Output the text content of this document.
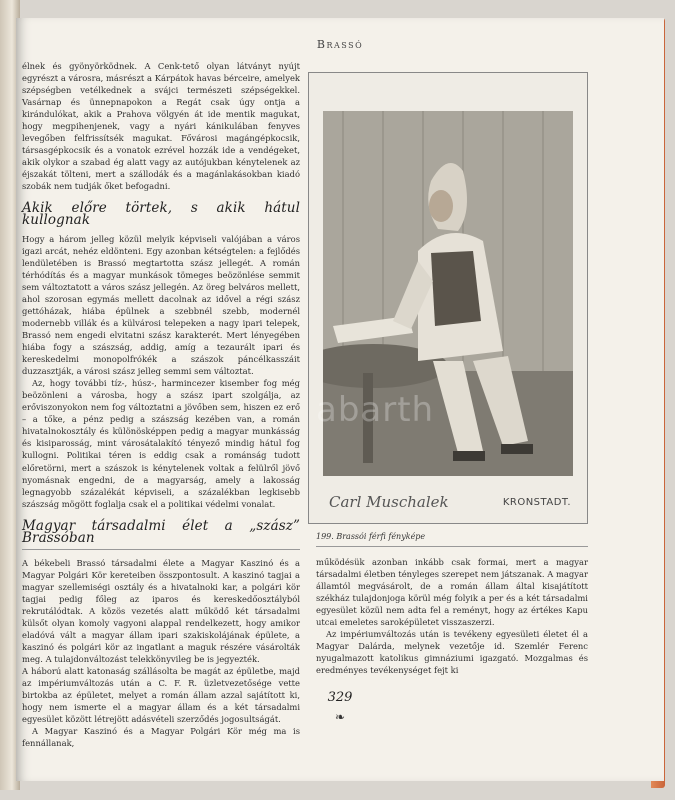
Brassó

élnek és gyönyörködnek. A Cenk-tető olyan látványt nyújt egyrészt a városra, másrészt a Kárpátok havas bérceire, amelyek szépségben vetélkednek a svájci természeti szépségekkel. Vasárnap és ünnepnapokon a Regát csak úgy ontja a kirándulókat, akik a Prahova völgyén át ide mentik magukat, hogy megpihenjenek, vagy a nyári kánikulában fenyves levegőben felfrissítsék magukat. Fővárosi magángépkocsik, társasgépkocsik és a vonatok ezrével hozzák ide a vendégeket, akik olykor a szabad ég alatt vagy az autójukban kénytelenek az éjszakát tölteni, mert a szállodák és a magánlakásokban kiadó szobák nem tudják őket befogadni.

Akik előre törtek, s akik hátul kullognak

Hogy a három jelleg közül melyik képviseli valójában a város igazi arcát, nehéz eldönteni. Egy azonban kétségtelen: a fejlődés lendületében is Brassó megtartotta szász jellegét. A román térhódítás és a magyar munkások tömeges beözönlése semmit sem változtatott a város szász jellegén. Az öreg belváros mellett, ahol szorosan egymás mellett dacolnak az idővel a régi szász gettóházak, hiába épülnek a szebbnél szebb, modernél modernebb villák és a külvárosi telepeken a nagy ipari telepek, Brassó nem engedi elvitatni szász karakterét. Mert lényegében hiába fogy a szászság, addig, amíg a tezaurált ipari és kereskedelmi monopolfrókék a szászok páncélkasszáit duzzasztják, a városi szász jelleg semmi sem változtat.

Az, hogy további tíz-, húsz-, harmincezer kisember fog még beözönleni a városba, hogy a szász ipart szolgálja, az erőviszonyokon nem fog változtatni a jövőben sem, hiszen ez erő – a tőke, a pénz pedig a szászság kezében van, a román hivatalnokosztály és különösképpen pedig a magyar munkásság és kisiparosság, mint városátalakító tényező mindig hátul fog kullogni. Politikai téren is eddig csak a románság tudott előretörni, mert a szászok is kénytelenek voltak a felülről jövő nyomásnak engedni, de a magyarság, amely a lakosság legnagyobb százalékát képviseli, a százalékban legkisebb szászság mögött foglalja csak el a politikai védelmi vonalat.

Magyar társadalmi élet a „szász” Brassóban

A békebeli Brassó társadalmi élete a Magyar Kaszinó és a Magyar Polgári Kör kereteiben összpontosult. A kaszinó tagjai a magyar szellemiségi osztály és a hivatalnoki kar, a polgári kör tagjai pedig főleg az iparos és kereskedőosztályból rekrutálódtak. A közös vezetés alatt működő két társadalmi külsőt olyan komoly vagyoni alappal rendelkezett, hogy amikor eladóvá vált a magyar állam ipari szakiskolájának épülete, a kaszinó és polgári kör az ingatlant a maguk részére vásárolták meg. A tulajdonváltozást telekkönyvileg be is jegyezték.

A háború alatt katonaság szállásolta be magát az épületbe, majd az impériumváltozás után a C. F. R. üzletvezetősége vette birtokba az épületet, melyet a román állam azzal sajátított ki, hogy nem ismerte el a magyar állam és a két társadalmi egyesület között létrejött adásvételi szerződés jogosultságát.

A Magyar Kaszinó és a Magyar Polgári Kör még ma is fennállanak,

Carl Muschalek	KRONSTADT.
abarth
199. Brassói férfi fényképe

működésük azonban inkább csak formai, mert a magyar társadalmi életben tényleges szerepet nem játszanak. A magyar államtól megvásárolt, de a román állam által kisajátított székház tulajdonjoga körül még folyik a per és a két társadalmi egyesület közül nem adta fel a reményt, hogy az értékes Kapu utcai emeletes saroképületet visszaszerzi.

Az impériumváltozás után is tevékeny egyesületi életet él a Magyar Dalárda, melynek vezetője id. Szemlér Ferenc nyugalmazott katolikus gimnáziumi igazgató. Mozgalmas és eredményes tevékenységet fejt ki

329
❧
